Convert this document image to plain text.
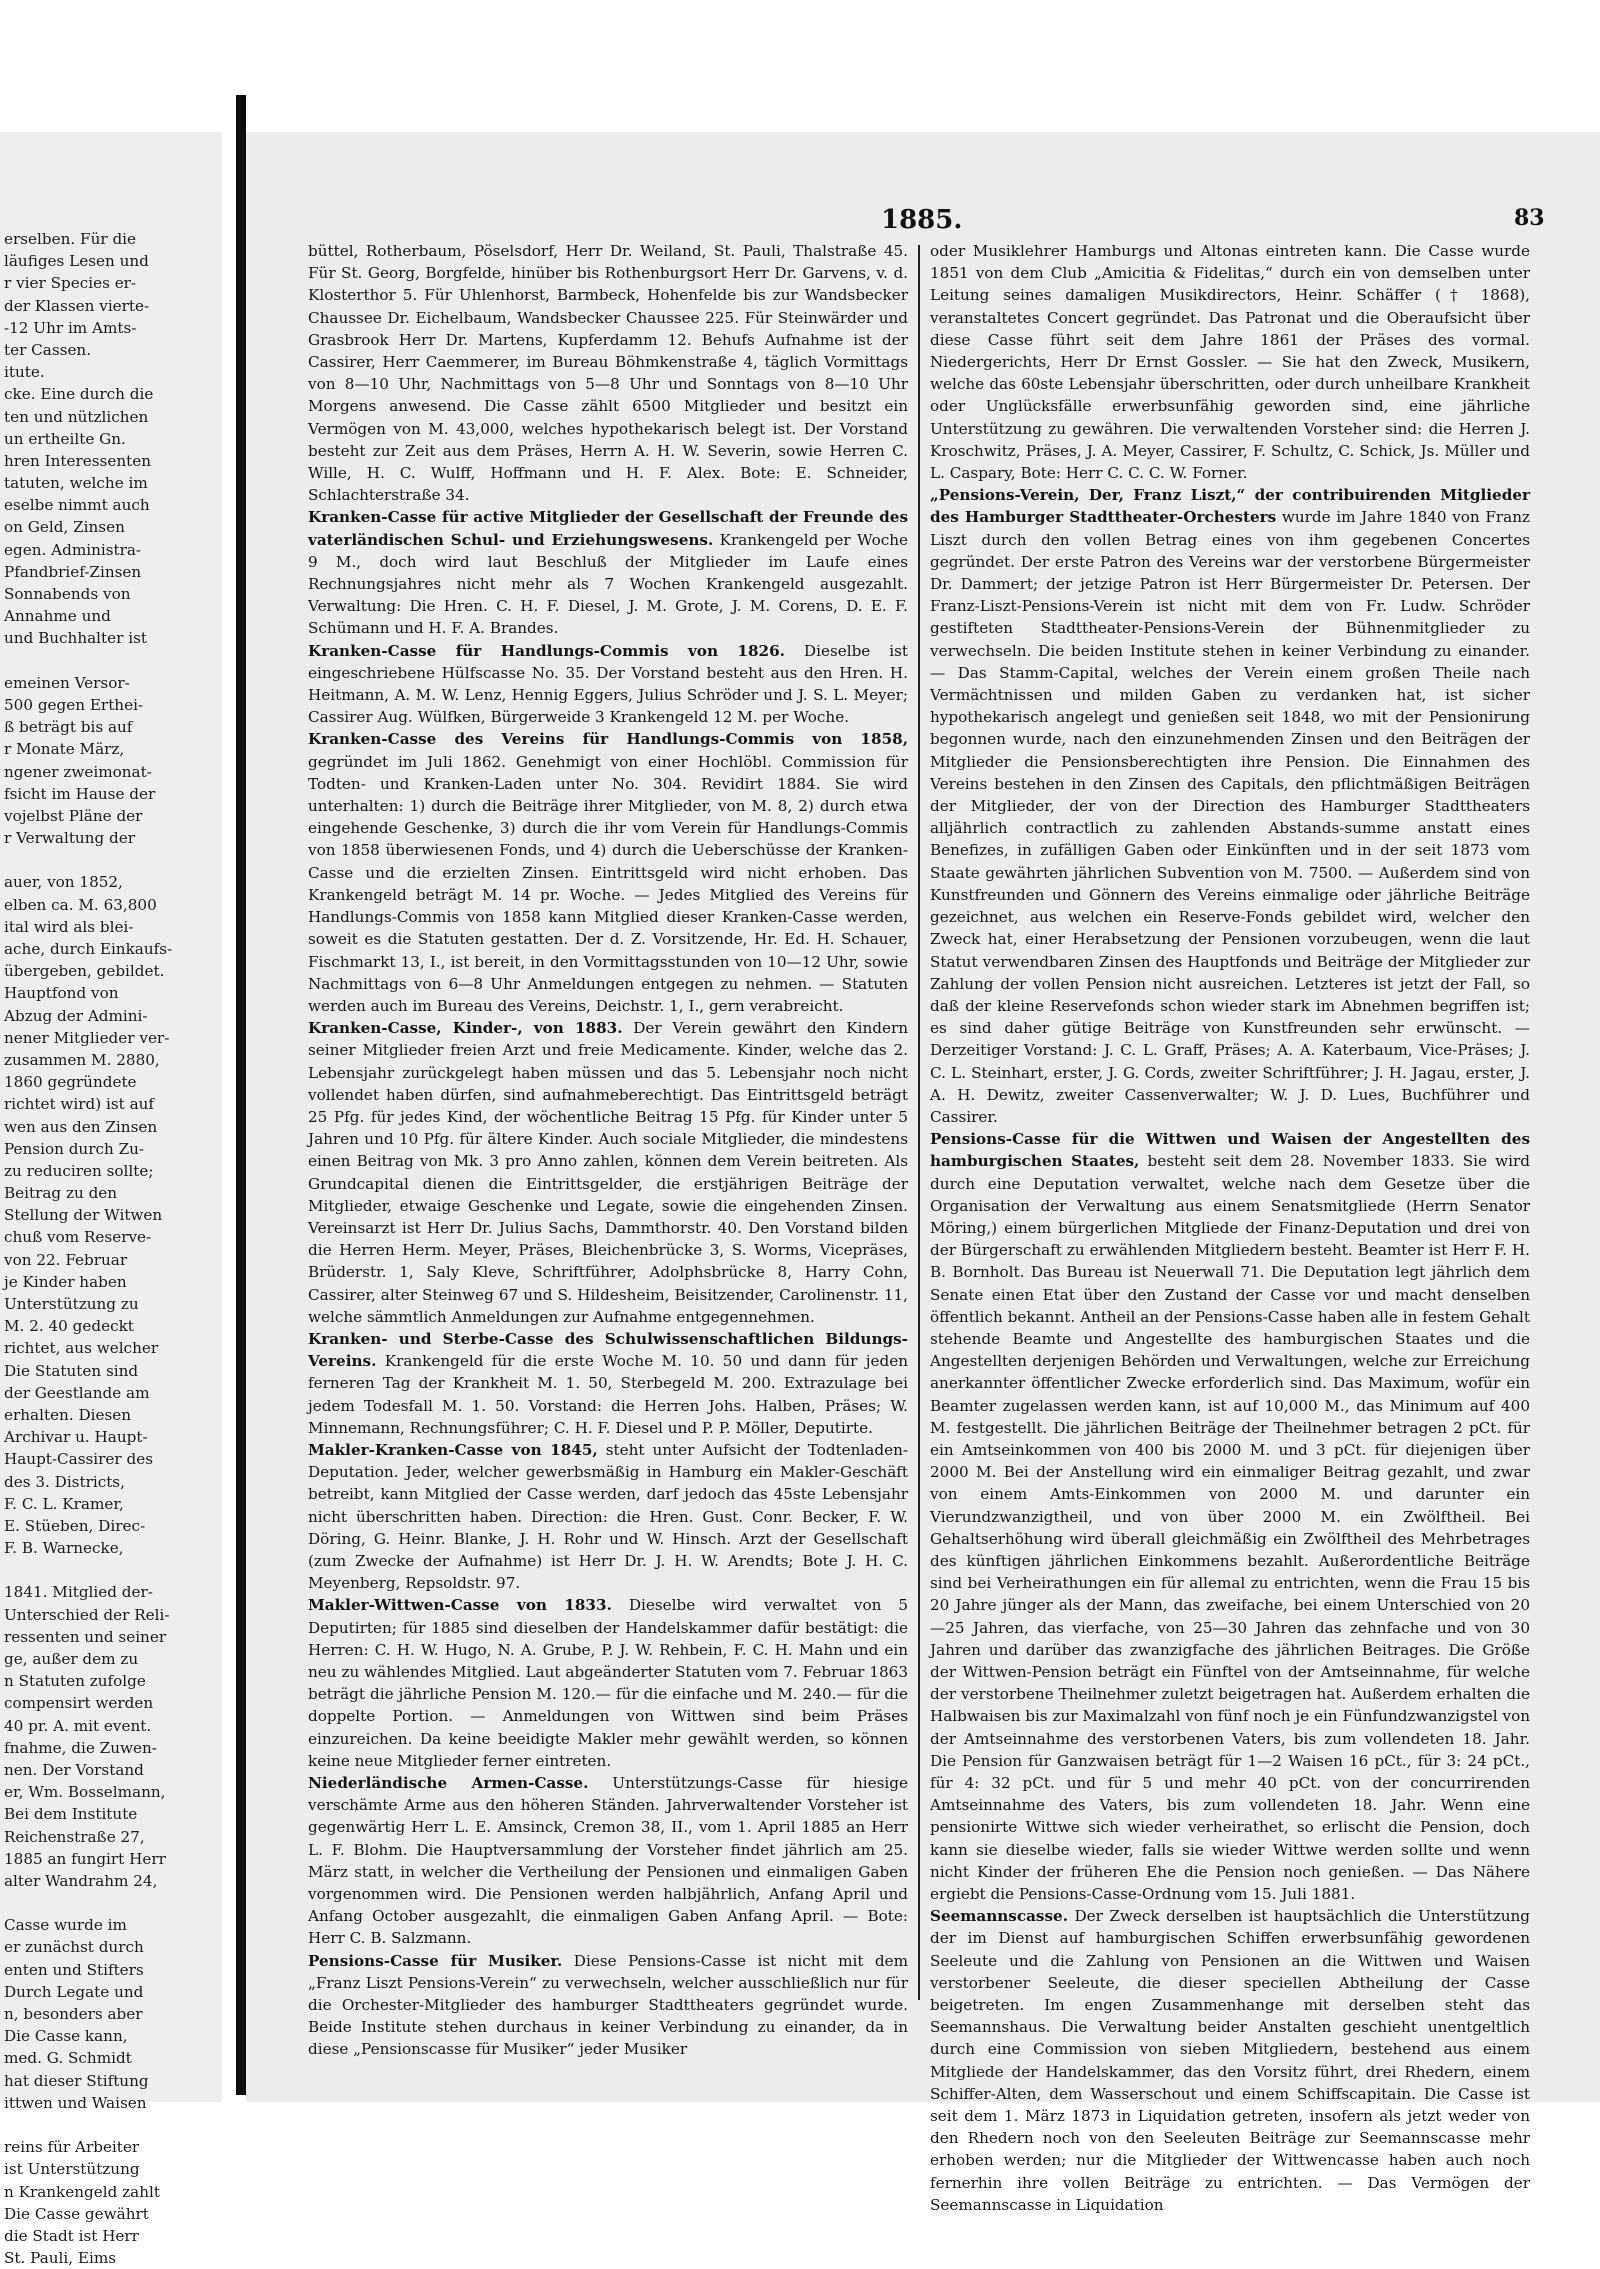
erselben. Für die
läufiges Lesen und
r vier Species er-
der Klassen vierte-
-12 Uhr im Amts-
ter Cassen.
itute.
cke. Eine durch die
ten und nützlichen
un ertheilte Gn.
hren Interessenten
tatuten, welche im
eselbe nimmt auch
on Geld, Zinsen
egen. Administra-
Pfandbrief-Zinsen
Sonnabends von
Annahme und
und Buchhalter ist
emeinen Versor-
500 gegen Erthei-
ß beträgt bis auf
r Monate März,
ngener zweimonat-
fsicht im Hause der
vojelbst Pläne der
r Verwaltung der
auer, von 1852,
elben ca. M. 63,800
ital wird als blei-
ache, durch Einkaufs-
übergeben, gebildet.
Hauptfond von
Abzug der Admini-
nener Mitglieder ver-
zusammen M. 2880,
1860 gegründete
richtet wird) ist auf
wen aus den Zinsen
Pension durch Zu-
zu reduciren sollte;
Beitrag zu den
Stellung der Witwen
chuß vom Reserve-
von 22. Februar
je Kinder haben
Unterstützung zu
M. 2. 40 gedeckt
richtet, aus welcher
Die Statuten sind
der Geestlande am
erhalten. Diesen
Archivar u. Haupt-
Haupt-Cassirer des
des 3. Districts,
F. C. L. Kramer,
E. Stüeben, Direc-
F. B. Warnecke,
1841. Mitglied der-
Unterschied der Reli-
ressenten und seiner
ge, außer dem zu
n Statuten zufolge
compensirt werden
40 pr. A. mit event.
fnahme, die Zuwen-
nen. Der Vorstand
er, Wm. Bosselmann,
Bei dem Institute
Reichenstraße 27,
1885 an fungirt Herr
alter Wandrahm 24,
Casse wurde im
er zunächst durch
enten und Stifters
Durch Legate und
n, besonders aber
Die Casse kann,
med. G. Schmidt
hat dieser Stiftung
ittwen und Waisen
reins für Arbeiter
ist Unterstützung
n Krankengeld zahlt
Die Casse gewährt
die Stadt ist Herr
St. Pauli, Eims
1885.	83

büttel, Rotherbaum, Pöselsdorf, Herr Dr. Weiland, St. Pauli, Thalstraße 45. Für St. Georg, Borgfelde, hinüber bis Rothenburgsort Herr Dr. Garvens, v. d. Klosterthor 5. Für Uhlenhorst, Barmbeck, Hohenfelde bis zur Wandsbecker Chaussee Dr. Eichelbaum, Wandsbecker Chaussee 225. Für Steinwärder und Grasbrook Herr Dr. Martens, Kupferdamm 12. Behufs Aufnahme ist der Cassirer, Herr Caemmerer, im Bureau Böhmkenstraße 4, täglich Vormittags von 8—10 Uhr, Nachmittags von 5—8 Uhr und Sonntags von 8—10 Uhr Morgens anwesend. Die Casse zählt 6500 Mitglieder und besitzt ein Vermögen von M. 43,000, welches hypothekarisch belegt ist. Der Vorstand besteht zur Zeit aus dem Präses, Herrn A. H. W. Severin, sowie Herren C. Wille, H. C. Wulff, Hoffmann und H. F. Alex. Bote: E. Schneider, Schlachterstraße 34.

Kranken-Casse für active Mitglieder der Gesellschaft der Freunde des vaterländischen Schul- und Erziehungswesens. Krankengeld per Woche 9 M., doch wird laut Beschluß der Mitglieder im Laufe eines Rechnungsjahres nicht mehr als 7 Wochen Krankengeld ausgezahlt. Verwaltung: Die Hren. C. H. F. Diesel, J. M. Grote, J. M. Corens, D. E. F. Schümann und H. F. A. Brandes.

Kranken-Casse für Handlungs-Commis von 1826. Dieselbe ist eingeschriebene Hülfscasse No. 35. Der Vorstand besteht aus den Hren. H. Heitmann, A. M. W. Lenz, Hennig Eggers, Julius Schröder und J. S. L. Meyer; Cassirer Aug. Wülfken, Bürgerweide 3 Krankengeld 12 M. per Woche.

Kranken-Casse des Vereins für Handlungs-Commis von 1858, gegründet im Juli 1862. Genehmigt von einer Hochlöbl. Commission für Todten- und Kranken-Laden unter No. 304. Revidirt 1884. Sie wird unterhalten: 1) durch die Beiträge ihrer Mitglieder, von M. 8, 2) durch etwa eingehende Geschenke, 3) durch die ihr vom Verein für Handlungs-Commis von 1858 überwiesenen Fonds, und 4) durch die Ueberschüsse der Kranken-Casse und die erzielten Zinsen. Eintrittsgeld wird nicht erhoben. Das Krankengeld beträgt M. 14 pr. Woche. — Jedes Mitglied des Vereins für Handlungs-Commis von 1858 kann Mitglied dieser Kranken-Casse werden, soweit es die Statuten gestatten. Der d. Z. Vorsitzende, Hr. Ed. H. Schauer, Fischmarkt 13, I., ist bereit, in den Vormittagsstunden von 10—12 Uhr, sowie Nachmittags von 6—8 Uhr Anmeldungen entgegen zu nehmen. — Statuten werden auch im Bureau des Vereins, Deichstr. 1, I., gern verabreicht.

Kranken-Casse, Kinder-, von 1883. Der Verein gewährt den Kindern seiner Mitglieder freien Arzt und freie Medicamente. Kinder, welche das 2. Lebensjahr zurückgelegt haben müssen und das 5. Lebensjahr noch nicht vollendet haben dürfen, sind aufnahmeberechtigt. Das Eintrittsgeld beträgt 25 Pfg. für jedes Kind, der wöchentliche Beitrag 15 Pfg. für Kinder unter 5 Jahren und 10 Pfg. für ältere Kinder. Auch sociale Mitglieder, die mindestens einen Beitrag von Mk. 3 pro Anno zahlen, können dem Verein beitreten. Als Grundcapital dienen die Eintrittsgelder, die erstjährigen Beiträge der Mitglieder, etwaige Geschenke und Legate, sowie die eingehenden Zinsen. Vereinsarzt ist Herr Dr. Julius Sachs, Dammthorstr. 40. Den Vorstand bilden die Herren Herm. Meyer, Präses, Bleichenbrücke 3, S. Worms, Vicepräses, Brüderstr. 1, Saly Kleve, Schriftführer, Adolphsbrücke 8, Harry Cohn, Cassirer, alter Steinweg 67 und S. Hildesheim, Beisitzender, Carolinenstr. 11, welche sämmtlich Anmeldungen zur Aufnahme entgegennehmen.

Kranken- und Sterbe-Casse des Schulwissenschaftlichen Bildungs-Vereins. Krankengeld für die erste Woche M. 10. 50 und dann für jeden ferneren Tag der Krankheit M. 1. 50, Sterbegeld M. 200. Extrazulage bei jedem Todesfall M. 1. 50. Vorstand: die Herren Johs. Halben, Präses; W. Minnemann, Rechnungsführer; C. H. F. Diesel und P. P. Möller, Deputirte.

Makler-Kranken-Casse von 1845, steht unter Aufsicht der Todtenladen-Deputation. Jeder, welcher gewerbsmäßig in Hamburg ein Makler-Geschäft betreibt, kann Mitglied der Casse werden, darf jedoch das 45ste Lebensjahr nicht überschritten haben. Direction: die Hren. Gust. Conr. Becker, F. W. Döring, G. Heinr. Blanke, J. H. Rohr und W. Hinsch. Arzt der Gesellschaft (zum Zwecke der Aufnahme) ist Herr Dr. J. H. W. Arendts; Bote J. H. C. Meyenberg, Repsoldstr. 97.

Makler-Wittwen-Casse von 1833. Dieselbe wird verwaltet von 5 Deputirten; für 1885 sind dieselben der Handelskammer dafür bestätigt: die Herren: C. H. W. Hugo, N. A. Grube, P. J. W. Rehbein, F. C. H. Mahn und ein neu zu wählendes Mitglied. Laut abgeänderter Statuten vom 7. Februar 1863 beträgt die jährliche Pension M. 120.— für die einfache und M. 240.— für die doppelte Portion. — Anmeldungen von Wittwen sind beim Präses einzureichen. Da keine beeidigte Makler mehr gewählt werden, so können keine neue Mitglieder ferner eintreten.

Niederländische Armen-Casse. Unterstützungs-Casse für hiesige verschämte Arme aus den höheren Ständen. Jahrverwaltender Vorsteher ist gegenwärtig Herr L. E. Amsinck, Cremon 38, II., vom 1. April 1885 an Herr L. F. Blohm. Die Hauptversammlung der Vorsteher findet jährlich am 25. März statt, in welcher die Vertheilung der Pensionen und einmaligen Gaben vorgenommen wird. Die Pensionen werden halbjährlich, Anfang April und Anfang October ausgezahlt, die einmaligen Gaben Anfang April. — Bote: Herr C. B. Salzmann.

Pensions-Casse für Musiker. Diese Pensions-Casse ist nicht mit dem „Franz Liszt Pensions-Verein“ zu verwechseln, welcher ausschließlich nur für die Orchester-Mitglieder des hamburger Stadttheaters gegründet wurde. Beide Institute stehen durchaus in keiner Verbindung zu einander, da in diese „Pensionscasse für Musiker“ jeder Musiker

oder Musiklehrer Hamburgs und Altonas eintreten kann. Die Casse wurde 1851 von dem Club „Amicitia & Fidelitas,“ durch ein von demselben unter Leitung seines damaligen Musikdirectors, Heinr. Schäffer († 1868), veranstaltetes Concert gegründet. Das Patronat und die Oberaufsicht über diese Casse führt seit dem Jahre 1861 der Präses des vormal. Niedergerichts, Herr Dr Ernst Gossler. — Sie hat den Zweck, Musikern, welche das 60ste Lebensjahr überschritten, oder durch unheilbare Krankheit oder Unglücksfälle erwerbsunfähig geworden sind, eine jährliche Unterstützung zu gewähren. Die verwaltenden Vorsteher sind: die Herren J. Kroschwitz, Präses, J. A. Meyer, Cassirer, F. Schultz, C. Schick, Js. Müller und L. Caspary, Bote: Herr C. C. C. W. Forner.

„Pensions-Verein, Der, Franz Liszt,“ der contribuirenden Mitglieder des Hamburger Stadttheater-Orchesters wurde im Jahre 1840 von Franz Liszt durch den vollen Betrag eines von ihm gegebenen Concertes gegründet. Der erste Patron des Vereins war der verstorbene Bürgermeister Dr. Dammert; der jetzige Patron ist Herr Bürgermeister Dr. Petersen. Der Franz-Liszt-Pensions-Verein ist nicht mit dem von Fr. Ludw. Schröder gestifteten Stadttheater-Pensions-Verein der Bühnenmitglieder zu verwechseln. Die beiden Institute stehen in keiner Verbindung zu einander. — Das Stamm-Capital, welches der Verein einem großen Theile nach Vermächtnissen und milden Gaben zu verdanken hat, ist sicher hypothekarisch angelegt und genießen seit 1848, wo mit der Pensionirung begonnen wurde, nach den einzunehmenden Zinsen und den Beiträgen der Mitglieder die Pensionsberechtigten ihre Pension. Die Einnahmen des Vereins bestehen in den Zinsen des Capitals, den pflichtmäßigen Beiträgen der Mitglieder, der von der Direction des Hamburger Stadttheaters alljährlich contractlich zu zahlenden Abstands-summe anstatt eines Benefizes, in zufälligen Gaben oder Einkünften und in der seit 1873 vom Staate gewährten jährlichen Subvention von M. 7500. — Außerdem sind von Kunstfreunden und Gönnern des Vereins einmalige oder jährliche Beiträge gezeichnet, aus welchen ein Reserve-Fonds gebildet wird, welcher den Zweck hat, einer Herabsetzung der Pensionen vorzubeugen, wenn die laut Statut verwendbaren Zinsen des Hauptfonds und Beiträge der Mitglieder zur Zahlung der vollen Pension nicht ausreichen. Letzteres ist jetzt der Fall, so daß der kleine Reservefonds schon wieder stark im Abnehmen begriffen ist; es sind daher gütige Beiträge von Kunstfreunden sehr erwünscht. — Derzeitiger Vorstand: J. C. L. Graff, Präses; A. A. Katerbaum, Vice-Präses; J. C. L. Steinhart, erster, J. G. Cords, zweiter Schriftführer; J. H. Jagau, erster, J. A. H. Dewitz, zweiter Cassenverwalter; W. J. D. Lues, Buchführer und Cassirer.

Pensions-Casse für die Wittwen und Waisen der Angestellten des hamburgischen Staates, besteht seit dem 28. November 1833. Sie wird durch eine Deputation verwaltet, welche nach dem Gesetze über die Organisation der Verwaltung aus einem Senatsmitgliede (Herrn Senator Möring,) einem bürgerlichen Mitgliede der Finanz-Deputation und drei von der Bürgerschaft zu erwählenden Mitgliedern besteht. Beamter ist Herr F. H. B. Bornholt. Das Bureau ist Neuerwall 71. Die Deputation legt jährlich dem Senate einen Etat über den Zustand der Casse vor und macht denselben öffentlich bekannt. Antheil an der Pensions-Casse haben alle in festem Gehalt stehende Beamte und Angestellte des hamburgischen Staates und die Angestellten derjenigen Behörden und Verwaltungen, welche zur Erreichung anerkannter öffentlicher Zwecke erforderlich sind. Das Maximum, wofür ein Beamter zugelassen werden kann, ist auf 10,000 M., das Minimum auf 400 M. festgestellt. Die jährlichen Beiträge der Theilnehmer betragen 2 pCt. für ein Amtseinkommen von 400 bis 2000 M. und 3 pCt. für diejenigen über 2000 M. Bei der Anstellung wird ein einmaliger Beitrag gezahlt, und zwar von einem Amts-Einkommen von 2000 M. und darunter ein Vierundzwanzigtheil, und von über 2000 M. ein Zwölftheil. Bei Gehaltserhöhung wird überall gleichmäßig ein Zwölftheil des Mehrbetrages des künftigen jährlichen Einkommens bezahlt. Außerordentliche Beiträge sind bei Verheirathungen ein für allemal zu entrichten, wenn die Frau 15 bis 20 Jahre jünger als der Mann, das zweifache, bei einem Unterschied von 20—25 Jahren, das vierfache, von 25—30 Jahren das zehnfache und von 30 Jahren und darüber das zwanzigfache des jährlichen Beitrages. Die Größe der Wittwen-Pension beträgt ein Fünftel von der Amtseinnahme, für welche der verstorbene Theilnehmer zuletzt beigetragen hat. Außerdem erhalten die Halbwaisen bis zur Maximalzahl von fünf noch je ein Fünfundzwanzigstel von der Amtseinnahme des verstorbenen Vaters, bis zum vollendeten 18. Jahr. Die Pension für Ganzwaisen beträgt für 1—2 Waisen 16 pCt., für 3: 24 pCt., für 4: 32 pCt. und für 5 und mehr 40 pCt. von der concurrirenden Amtseinnahme des Vaters, bis zum vollendeten 18. Jahr. Wenn eine pensionirte Wittwe sich wieder verheirathet, so erlischt die Pension, doch kann sie dieselbe wieder, falls sie wieder Wittwe werden sollte und wenn nicht Kinder der früheren Ehe die Pension noch genießen. — Das Nähere ergiebt die Pensions-Casse-Ordnung vom 15. Juli 1881.

Seemannscasse. Der Zweck derselben ist hauptsächlich die Unterstützung der im Dienst auf hamburgischen Schiffen erwerbsunfähig gewordenen Seeleute und die Zahlung von Pensionen an die Wittwen und Waisen verstorbener Seeleute, die dieser speciellen Abtheilung der Casse beigetreten. Im engen Zusammenhange mit derselben steht das Seemannshaus. Die Verwaltung beider Anstalten geschieht unentgeltlich durch eine Commission von sieben Mitgliedern, bestehend aus einem Mitgliede der Handelskammer, das den Vorsitz führt, drei Rhedern, einem Schiffer-Alten, dem Wasserschout und einem Schiffscapitain. Die Casse ist seit dem 1. März 1873 in Liquidation getreten, insofern als jetzt weder von den Rhedern noch von den Seeleuten Beiträge zur Seemannscasse mehr erhoben werden; nur die Mitglieder der Wittwencasse haben auch noch fernerhin ihre vollen Beiträge zu entrichten. — Das Vermögen der Seemannscasse in Liquidation
